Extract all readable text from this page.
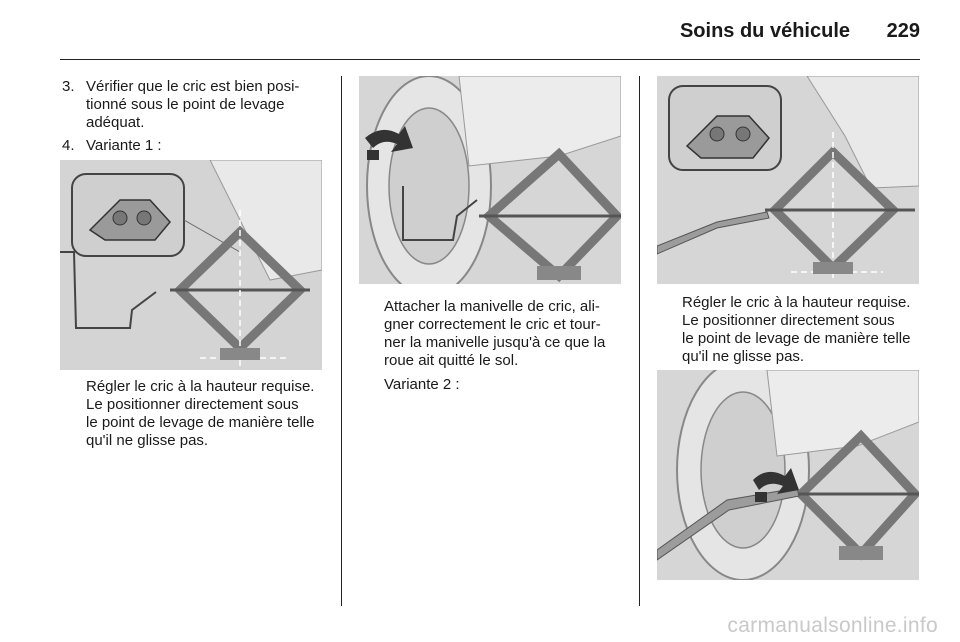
Soins du véhicule	229
3. Vérifier que le cric est bien posi-
tionné sous le point de levage
adéquat.
4. Variante 1 :
Régler le cric à la hauteur requise.
Le positionner directement sous
le point de levage de manière telle
qu'il ne glisse pas.
Attacher la manivelle de cric, ali-
gner correctement le cric et tour-
ner la manivelle jusqu'à ce que la
roue ait quitté le sol.
Variante 2 :
Régler le cric à la hauteur requise.
Le positionner directement sous
le point de levage de manière telle
qu'il ne glisse pas.
carmanualsonline.info
